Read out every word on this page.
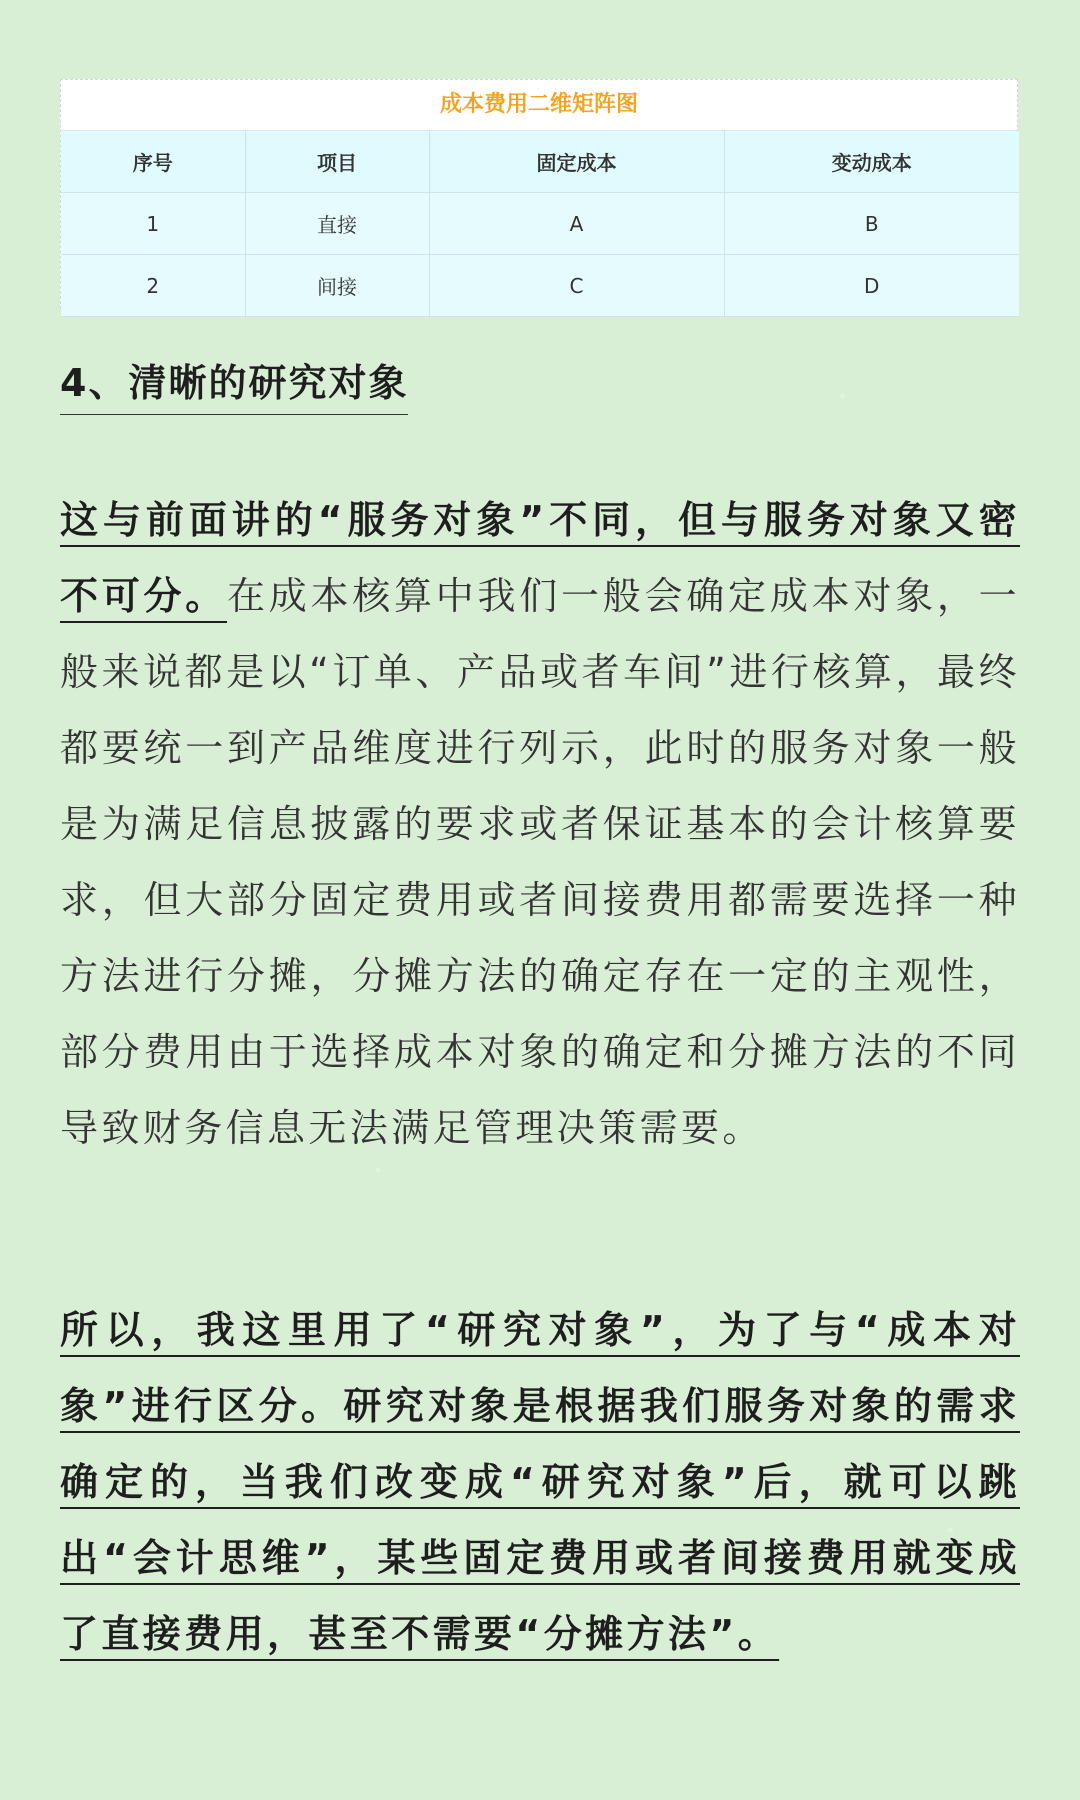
成本费用二维矩阵图
序号	项目	固定成本	变动成本
1	直接	A	B
2	间接	C	D
4、清晰的研究对象

这与前面讲的“服务对象”不同，但与服务对象又密不可分。在成本核算中我们一般会确定成本对象，一般来说都是以“订单、产品或者车间”进行核算，最终都要统一到产品维度进行列示，此时的服务对象一般是为满足信息披露的要求或者保证基本的会计核算要求，但大部分固定费用或者间接费用都需要选择一种方法进行分摊，分摊方法的确定存在一定的主观性，部分费用由于选择成本对象的确定和分摊方法的不同导致财务信息无法满足管理决策需要。

所以，我这里用了“研究对象”，为了与“成本对象”进行区分。研究对象是根据我们服务对象的需求确定的，当我们改变成“研究对象”后，就可以跳出“会计思维”，某些固定费用或者间接费用就变成了直接费用，甚至不需要“分摊方法”。
